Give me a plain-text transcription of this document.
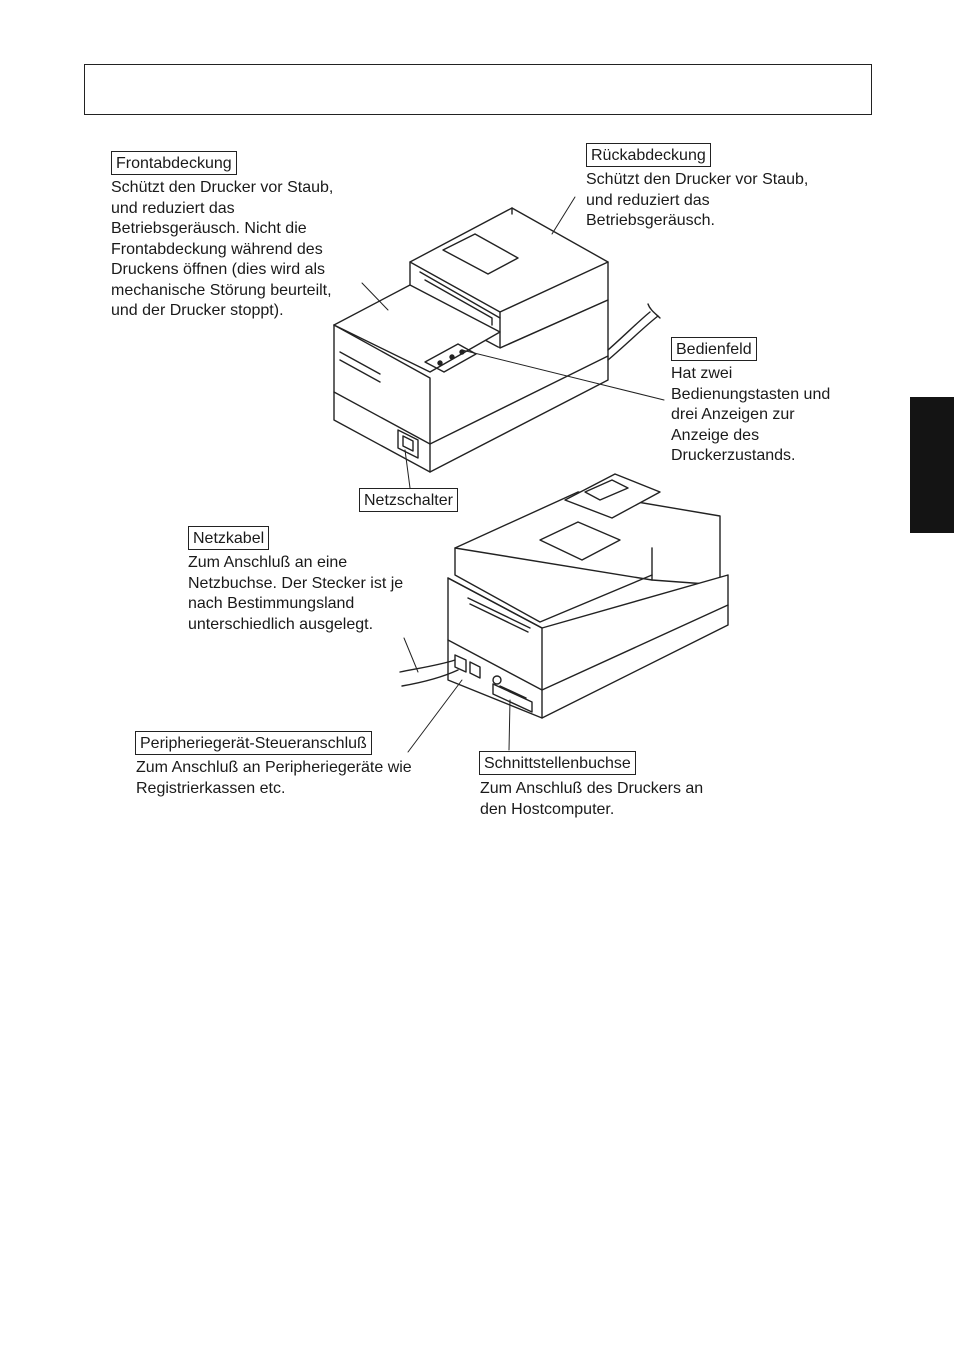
Frontabdeckung
Schützt den Drucker vor Staub,
und reduziert das
Betriebsgeräusch. Nicht die
Frontabdeckung während des
Druckens öffnen (dies wird als
mechanische Störung beurteilt,
und der Drucker stoppt).
Rückabdeckung
Schützt den Drucker vor Staub,
und reduziert das
Betriebsgeräusch.
Bedienfeld
Hat zwei
Bedienungstasten und
drei Anzeigen zur
Anzeige des
Druckerzustands.
Netzschalter
Netzkabel
Zum Anschluß an eine
Netzbuchse. Der Stecker ist je
nach Bestimmungsland
unterschiedlich ausgelegt.
Peripheriegerät-Steueranschluß
Zum Anschluß an Peripheriegeräte wie
Registrierkassen etc.
Schnittstellenbuchse
Zum Anschluß des Druckers an
den Hostcomputer.
